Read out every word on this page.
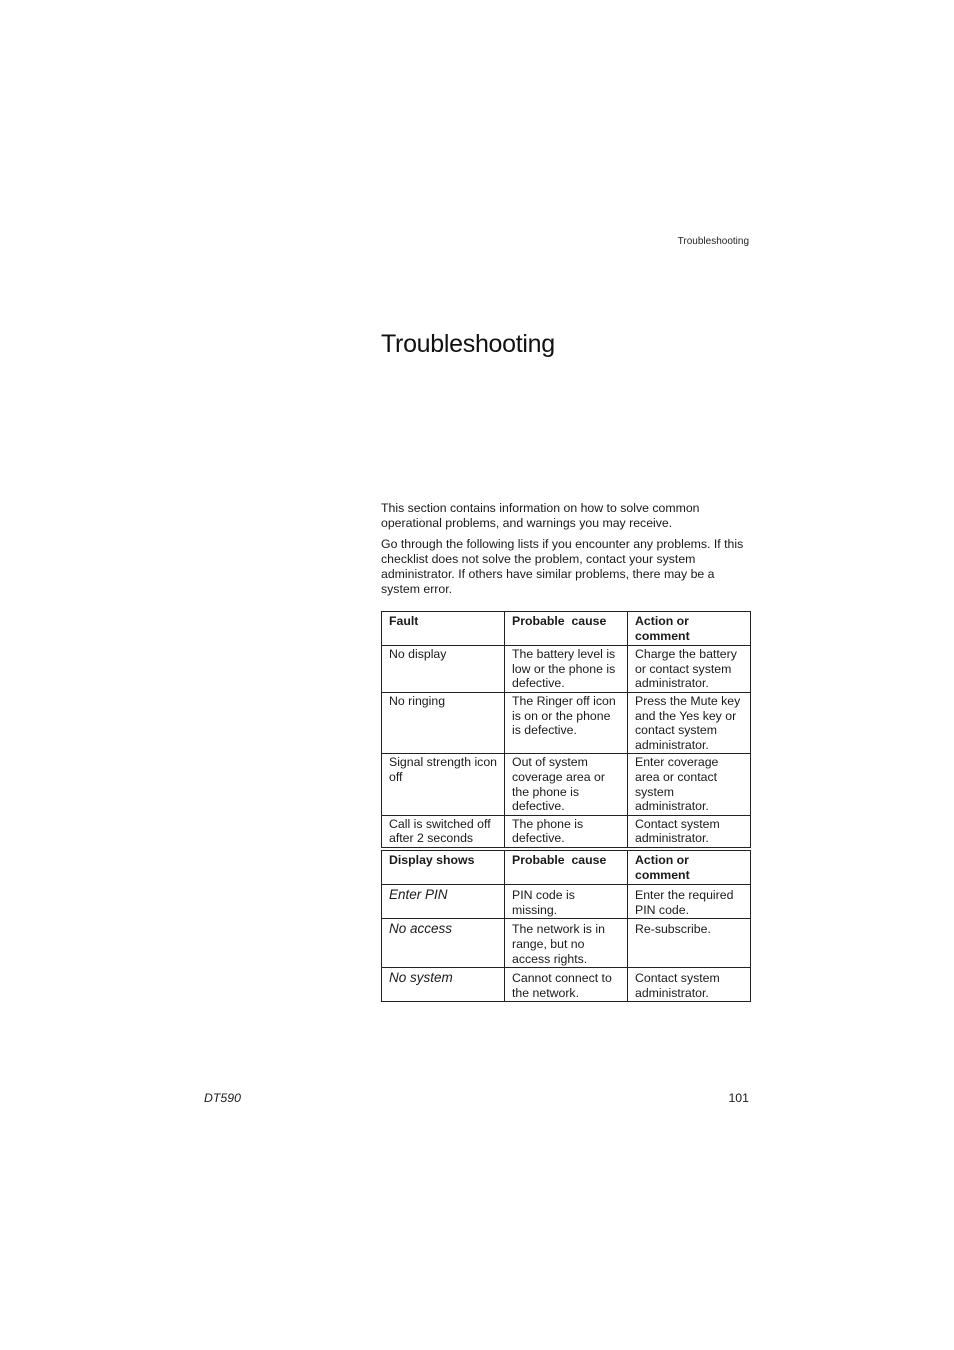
Troubleshooting
Troubleshooting

This section contains information on how to solve common operational problems, and warnings you may receive.

Go through the following lists if you encounter any problems. If this checklist does not solve the problem, contact your system administrator. If others have similar problems, there may be a system error.

Fault	Probable  cause	Action or comment
No display	The battery level is low or the phone is defective.	Charge the battery or contact system administrator.
No ringing	The Ringer off icon is on or the phone is defective.	Press the Mute key and the Yes key or contact system administrator.
Signal strength icon off	Out of system coverage area or the phone is defective.	Enter coverage area or contact system administrator.
Call is switched off after 2 seconds	The phone is defective.	Contact system administrator.
Display shows	Probable  cause	Action or comment
Enter PIN	PIN code is missing.	Enter the required PIN code.
No access	The network is in range, but no access rights.	Re-subscribe.
No system	Cannot connect to the network.	Contact system administrator.
DT590	101
